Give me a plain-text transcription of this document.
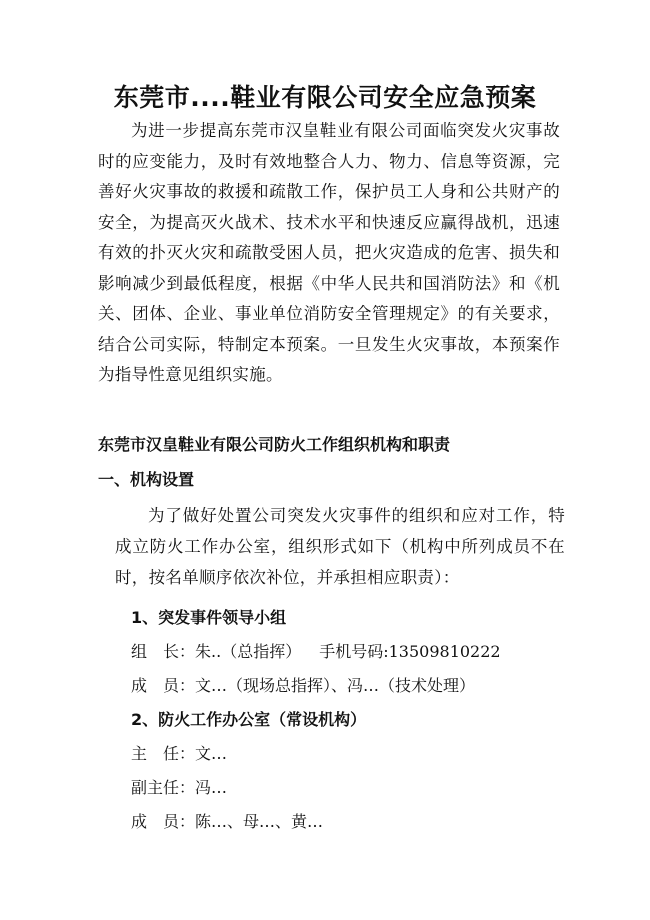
东莞市....鞋业有限公司安全应急预案

为进一步提高东莞市汉皇鞋业有限公司面临突发火灾事故时的应变能力，及时有效地整合人力、物力、信息等资源，完善好火灾事故的救援和疏散工作，保护员工人身和公共财产的安全，为提高灭火战术、技术水平和快速反应赢得战机，迅速有效的扑灭火灾和疏散受困人员，把火灾造成的危害、损失和影响减少到最低程度，根据《中华人民共和国消防法》和《机关、团体、企业、事业单位消防安全管理规定》的有关要求，结合公司实际，特制定本预案。一旦发生火灾事故，本预案作为指导性意见组织实施。

东莞市汉皇鞋业有限公司防火工作组织机构和职责
一、机构设置

为了做好处置公司突发火灾事件的组织和应对工作，特成立防火工作办公室，组织形式如下（机构中所列成员不在时，按名单顺序依次补位，并承担相应职责）：

1、突发事件领导小组

组　长：朱..（总指挥） 手机号码:13509810222

成　员：文…（现场总指挥）、冯…（技术处理）

2、防火工作办公室（常设机构）

主　任：文…

副主任：冯…

成　员：陈…、母…、黄…
